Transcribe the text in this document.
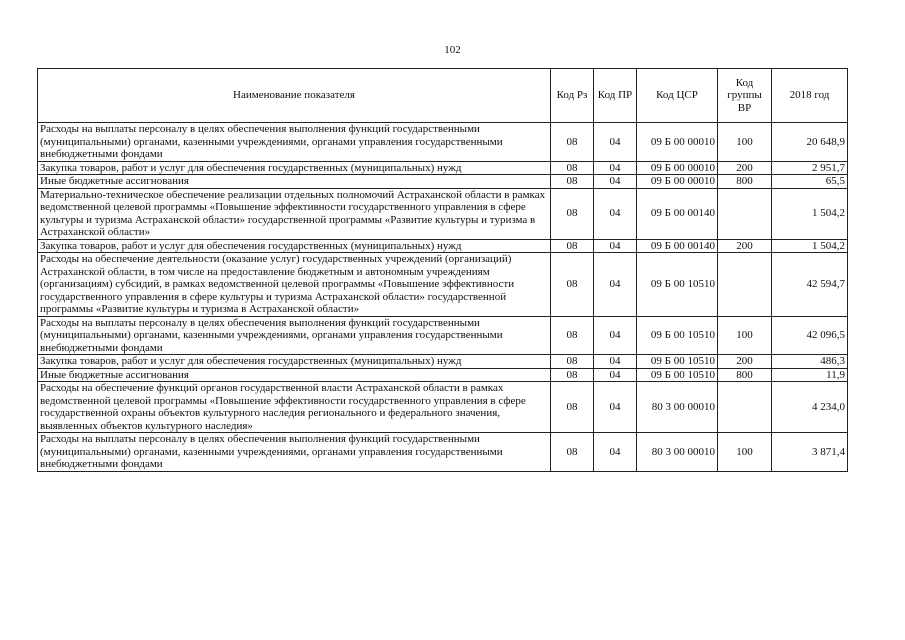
102
Наименование показателя	Код Рз	Код ПР	Код ЦСР	Код группы ВР	2018 год
Расходы на выплаты персоналу в целях обеспечения выполнения функций государственными (муниципальными) органами, казенными учреждениями, органами управления государственными внебюджетными фондами	08	04	09 Б 00 00010	100	20 648,9
Закупка товаров, работ и услуг для обеспечения государственных (муниципальных) нужд	08	04	09 Б 00 00010	200	2 951,7
Иные бюджетные ассигнования	08	04	09 Б 00 00010	800	65,5
Материально-техническое обеспечение реализации отдельных полномочий Астраханской области в рамках ведомственной целевой программы «Повышение эффективности государственного управления в сфере культуры и туризма Астраханской области» государственной программы «Развитие культуры и туризма в Астраханской области»	08	04	09 Б 00 00140		1 504,2
Закупка товаров, работ и услуг для обеспечения государственных (муниципальных) нужд	08	04	09 Б 00 00140	200	1 504,2
Расходы на обеспечение деятельности (оказание услуг) государственных учреждений (организаций) Астраханской области, в том числе на предоставление бюджетным и автономным учреждениям (организациям) субсидий, в рамках ведомственной целевой программы «Повышение эффективности государственного управления в сфере культуры и туризма Астраханской области» государственной программы «Развитие культуры и туризма в Астраханской области»	08	04	09 Б 00 10510		42 594,7
Расходы на выплаты персоналу в целях обеспечения выполнения функций государственными (муниципальными) органами, казенными учреждениями, органами управления государственными внебюджетными фондами	08	04	09 Б 00 10510	100	42 096,5
Закупка товаров, работ и услуг для обеспечения государственных (муниципальных) нужд	08	04	09 Б 00 10510	200	486,3
Иные бюджетные ассигнования	08	04	09 Б 00 10510	800	11,9
Расходы на обеспечение функций органов государственной власти Астраханской области в рамках ведомственной целевой программы «Повышение эффективности государственного управления в сфере государственной охраны объектов культурного наследия регионального и федерального значения, выявленных объектов культурного наследия»	08	04	80 3 00 00010		4 234,0
Расходы на выплаты персоналу в целях обеспечения выполнения функций государственными (муниципальными) органами, казенными учреждениями, органами управления государственными внебюджетными фондами	08	04	80 3 00 00010	100	3 871,4
